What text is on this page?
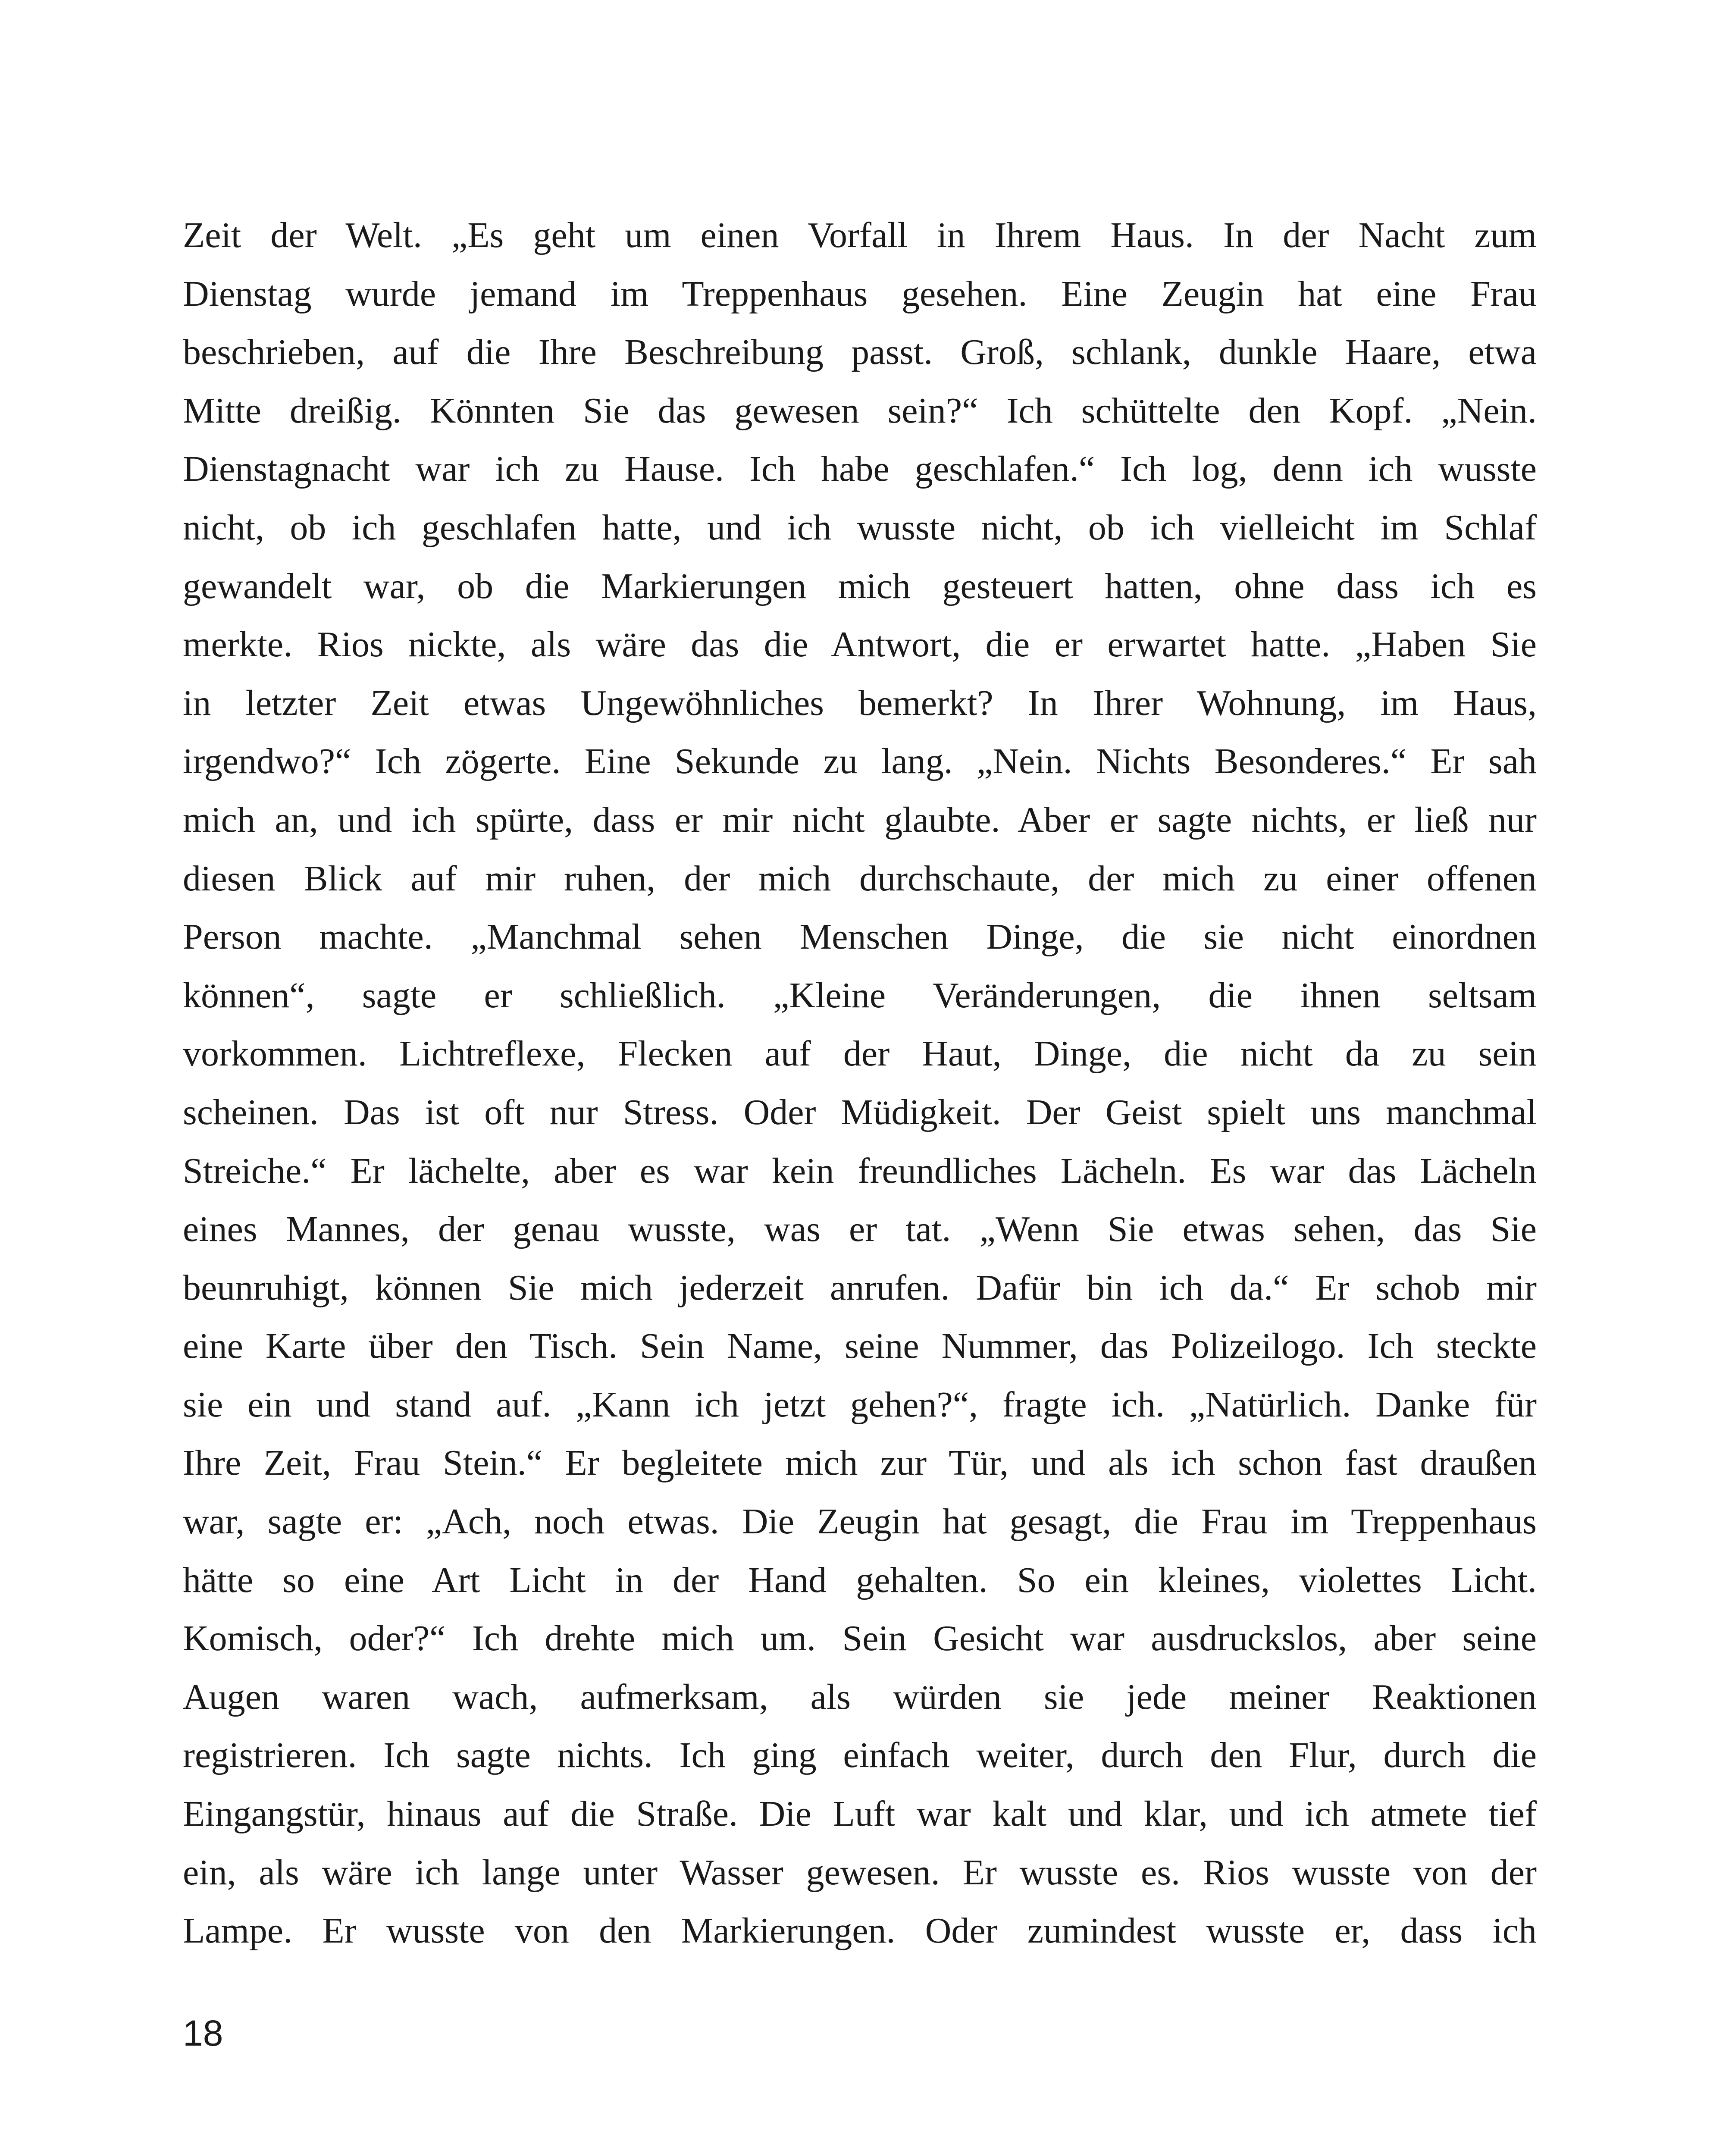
Zeit der Welt. „Es geht um einen Vorfall in Ihrem Haus. In der Nacht zum
Dienstag wurde jemand im Treppenhaus gesehen. Eine Zeugin hat eine Frau
beschrieben, auf die Ihre Beschreibung passt. Groß, schlank, dunkle Haare, etwa
Mitte dreißig. Könnten Sie das gewesen sein?“ Ich schüttelte den Kopf. „Nein.
Dienstagnacht war ich zu Hause. Ich habe geschlafen.“ Ich log, denn ich wusste
nicht, ob ich geschlafen hatte, und ich wusste nicht, ob ich vielleicht im Schlaf
gewandelt war, ob die Markierungen mich gesteuert hatten, ohne dass ich es
merkte. Rios nickte, als wäre das die Antwort, die er erwartet hatte. „Haben Sie
in letzter Zeit etwas Ungewöhnliches bemerkt? In Ihrer Wohnung, im Haus,
irgendwo?“ Ich zögerte. Eine Sekunde zu lang. „Nein. Nichts Besonderes.“ Er sah
mich an, und ich spürte, dass er mir nicht glaubte. Aber er sagte nichts, er ließ nur
diesen Blick auf mir ruhen, der mich durchschaute, der mich zu einer offenen
Person machte. „Manchmal sehen Menschen Dinge, die sie nicht einordnen
können“, sagte er schließlich. „Kleine Veränderungen, die ihnen seltsam
vorkommen. Lichtreflexe, Flecken auf der Haut, Dinge, die nicht da zu sein
scheinen. Das ist oft nur Stress. Oder Müdigkeit. Der Geist spielt uns manchmal
Streiche.“ Er lächelte, aber es war kein freundliches Lächeln. Es war das Lächeln
eines Mannes, der genau wusste, was er tat. „Wenn Sie etwas sehen, das Sie
beunruhigt, können Sie mich jederzeit anrufen. Dafür bin ich da.“ Er schob mir
eine Karte über den Tisch. Sein Name, seine Nummer, das Polizeilogo. Ich steckte
sie ein und stand auf. „Kann ich jetzt gehen?“, fragte ich. „Natürlich. Danke für
Ihre Zeit, Frau Stein.“ Er begleitete mich zur Tür, und als ich schon fast draußen
war, sagte er: „Ach, noch etwas. Die Zeugin hat gesagt, die Frau im Treppenhaus
hätte so eine Art Licht in der Hand gehalten. So ein kleines, violettes Licht.
Komisch, oder?“ Ich drehte mich um. Sein Gesicht war ausdruckslos, aber seine
Augen waren wach, aufmerksam, als würden sie jede meiner Reaktionen
registrieren. Ich sagte nichts. Ich ging einfach weiter, durch den Flur, durch die
Eingangstür, hinaus auf die Straße. Die Luft war kalt und klar, und ich atmete tief
ein, als wäre ich lange unter Wasser gewesen. Er wusste es. Rios wusste von der
Lampe. Er wusste von den Markierungen. Oder zumindest wusste er, dass ich
18
